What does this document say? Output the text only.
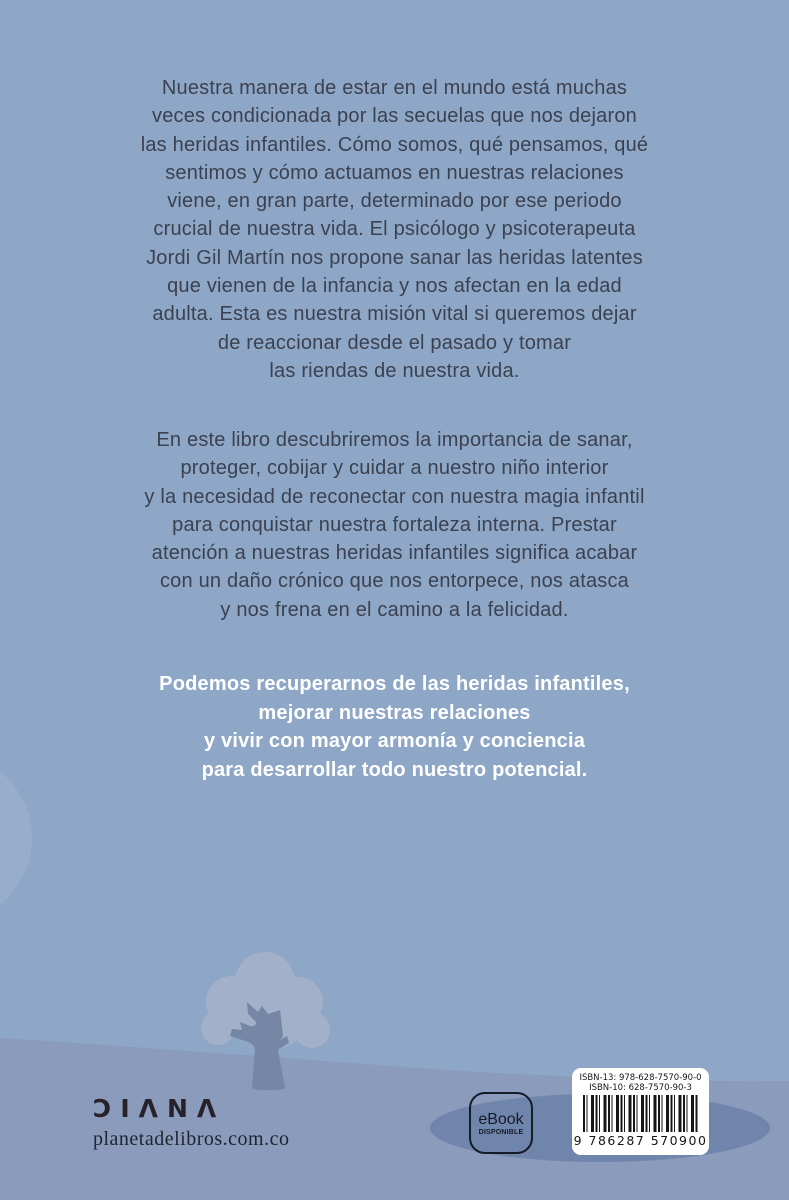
Nuestra manera de estar en el mundo está muchas
veces condicionada por las secuelas que nos dejaron
las heridas infantiles. Cómo somos, qué pensamos, qué
sentimos y cómo actuamos en nuestras relaciones
viene, en gran parte, determinado por ese periodo
crucial de nuestra vida. El psicólogo y psicoterapeuta
Jordi Gil Martín nos propone sanar las heridas latentes
que vienen de la infancia y nos afectan en la edad
adulta. Esta es nuestra misión vital si queremos dejar
de reaccionar desde el pasado y tomar
las riendas de nuestra vida.
En este libro descubriremos la importancia de sanar,
proteger, cobijar y cuidar a nuestro niño interior
y la necesidad de reconectar con nuestra magia infantil
para conquistar nuestra fortaleza interna. Prestar
atención a nuestras heridas infantiles significa acabar
con un daño crónico que nos entorpece, nos atasca
y nos frena en el camino a la felicidad.
Podemos recuperarnos de las heridas infantiles,
mejorar nuestras relaciones
y vivir con mayor armonía y conciencia
para desarrollar todo nuestro potencial.
ƆIΛNΛ
planetadelibros.com.co
eBook
DISPONIBLE
ISBN-13: 978-628-7570-90-0
ISBN-10: 628-7570-90-3
9 786287 570900
